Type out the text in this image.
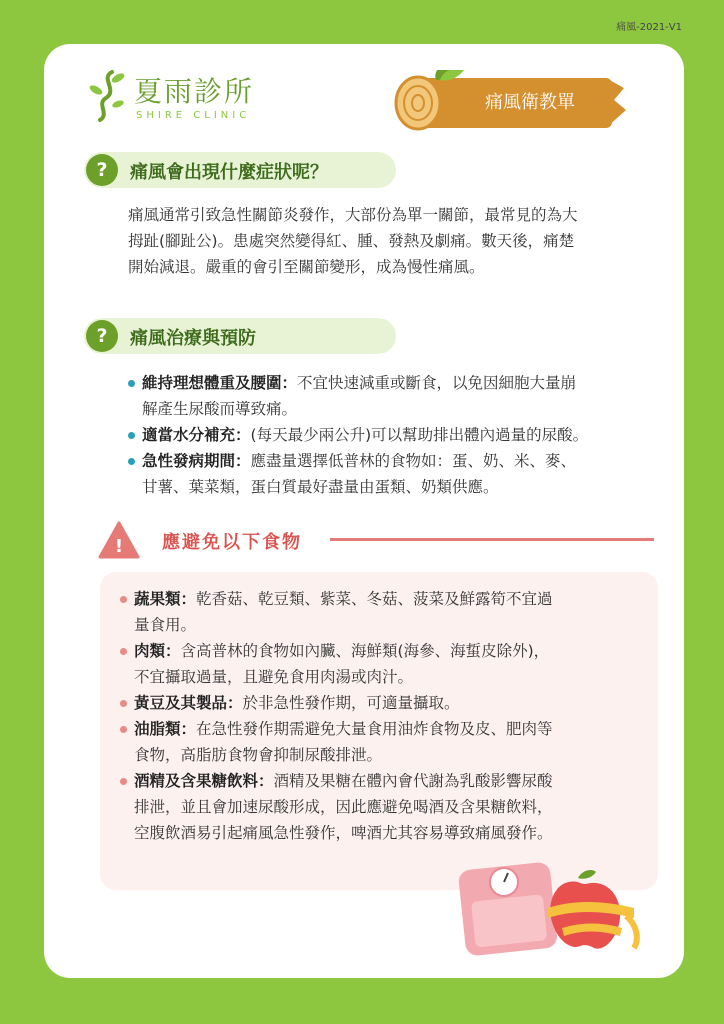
痛風-2021-V1
夏雨診所
SHIRE CLINIC
痛風衛教單
?	痛風會出現什麼症狀呢？
痛風通常引致急性關節炎發作，大部份為單一關節，最常見的為大
拇趾(腳趾公)。患處突然變得紅、腫、發熱及劇痛。數天後，痛楚
開始減退。嚴重的會引至關節變形，成為慢性痛風。
?	痛風治療與預防
維持理想體重及腰圍：不宜快速減重或斷食，以免因細胞大量崩
解產生尿酸而導致痛。
適當水分補充：(每天最少兩公升)可以幫助排出體內過量的尿酸。
急性發病期間：應盡量選擇低普林的食物如：蛋、奶、米、麥、
甘薯、葉菜類，蛋白質最好盡量由蛋類、奶類供應。
! 應避免以下食物
蔬果類：乾香菇、乾豆類、紫菜、冬菇、菠菜及鮮露筍不宜過
量食用。
肉類：含高普林的食物如內臟、海鮮類(海參、海蜇皮除外)，
不宜攝取過量，且避免食用肉湯或肉汁。
黃豆及其製品：於非急性發作期，可適量攝取。
油脂類：在急性發作期需避免大量食用油炸食物及皮、肥肉等
食物，高脂肪食物會抑制尿酸排泄。
酒精及含果糖飲料：酒精及果糖在體內會代謝為乳酸影響尿酸
排泄，並且會加速尿酸形成，因此應避免喝酒及含果糖飲料，
空腹飲酒易引起痛風急性發作，啤酒尤其容易導致痛風發作。
